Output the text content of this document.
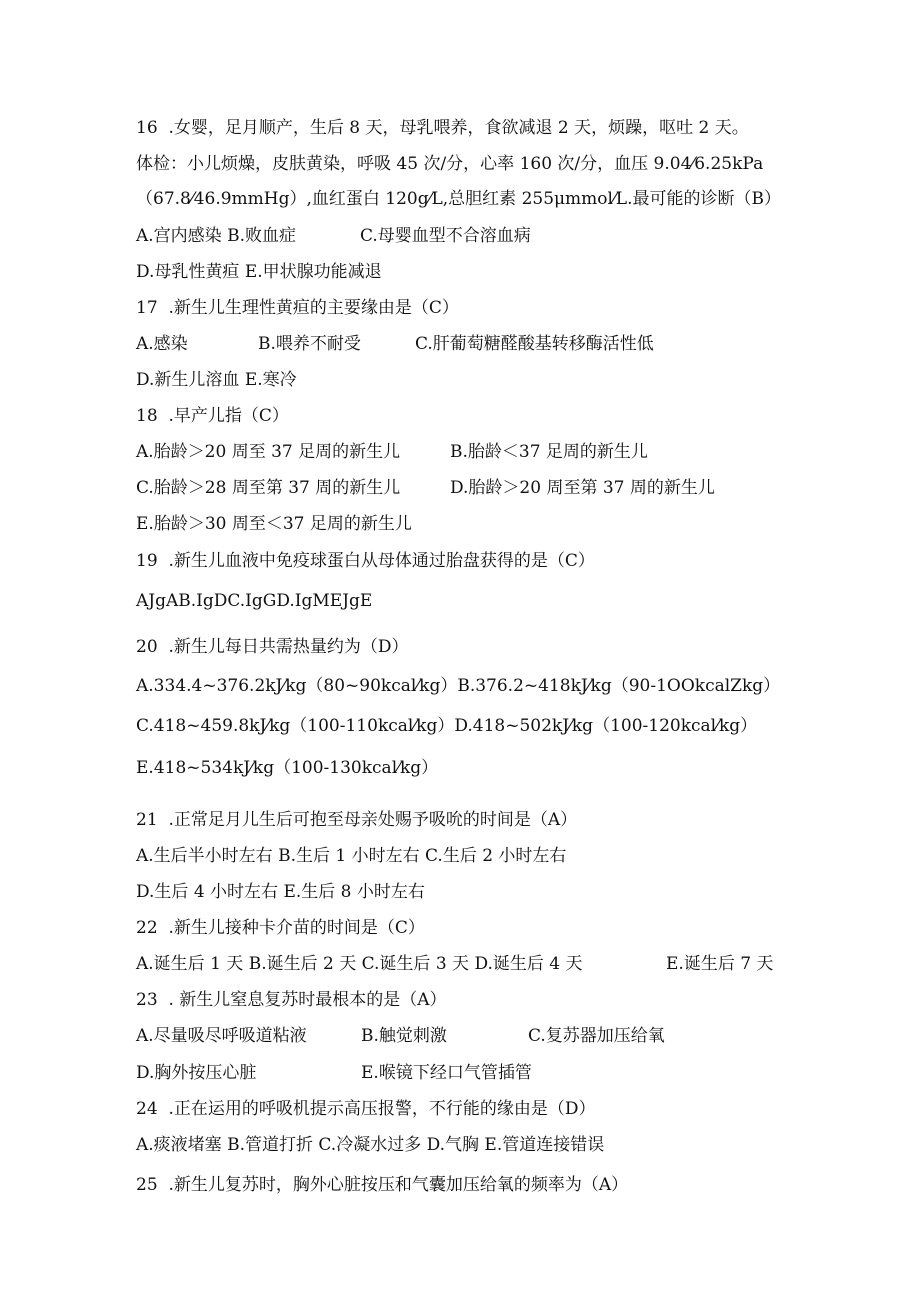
16 .女婴，足月顺产，生后 8 天，母乳喂养，食欲减退 2 天，烦躁，呕吐 2 天。
体检：小儿烦燥，皮肤黄染，呼吸 45 次/分，心率 160 次/分，血压 9.04⁄6.25kPa
（67.8⁄46.9mmHg）,血红蛋白 120g⁄L,总胆红素 255μmmol⁄L.最可能的诊断（B）
A.宫内感染 B.败血症	C.母婴血型不合溶血病
D.母乳性黄疸 E.甲状腺功能减退
17 .新生儿生理性黄疸的主要缘由是（C）
A.感染	B.喂养不耐受	C.肝葡萄糖醛酸基转移酶活性低
D.新生儿溶血 E.寒冷
18 .早产儿指（C）
A.胎龄＞20 周至 37 足周的新生儿	B.胎龄＜37 足周的新生儿
C.胎龄＞28 周至第 37 周的新生儿	D.胎龄＞20 周至第 37 周的新生儿
E.胎龄＞30 周至＜37 足周的新生儿
19 .新生儿血液中免疫球蛋白从母体通过胎盘获得的是（C）
AJgAB.IgDC.IgGD.IgMEJgE
20 .新生儿每日共需热量约为（D）
A.334.4~376.2kJ⁄kg（80~90kcal⁄kg）B.376.2~418kJ⁄kg（90-1OOkcalZkg）
C.418~459.8kJ⁄kg（100-110kcal⁄kg）D.418~502kJ⁄kg（100-120kcal⁄kg）
E.418~534kJ⁄kg（100-130kcal⁄kg）
21 .正常足月儿生后可抱至母亲处赐予吸吮的时间是（A）
A.生后半小时左右 B.生后 1 小时左右 C.生后 2 小时左右
D.生后 4 小时左右 E.生后 8 小时左右
22 .新生儿接种卡介苗的时间是（C）
A.诞生后 1 天 B.诞生后 2 天 C.诞生后 3 天 D.诞生后 4 天	E.诞生后 7 天
23 . 新生儿窒息复苏时最根本的是（A）
A.尽量吸尽呼吸道粘液	B.触觉刺激	C.复苏器加压给氧
D.胸外按压心脏	E.喉镜下经口气管插管
24 .正在运用的呼吸机提示高压报警，不行能的缘由是（D）
A.痰液堵塞 B.管道打折 C.冷凝水过多 D.气胸 E.管道连接错误
25 .新生儿复苏时，胸外心脏按压和气囊加压给氧的频率为（A）
